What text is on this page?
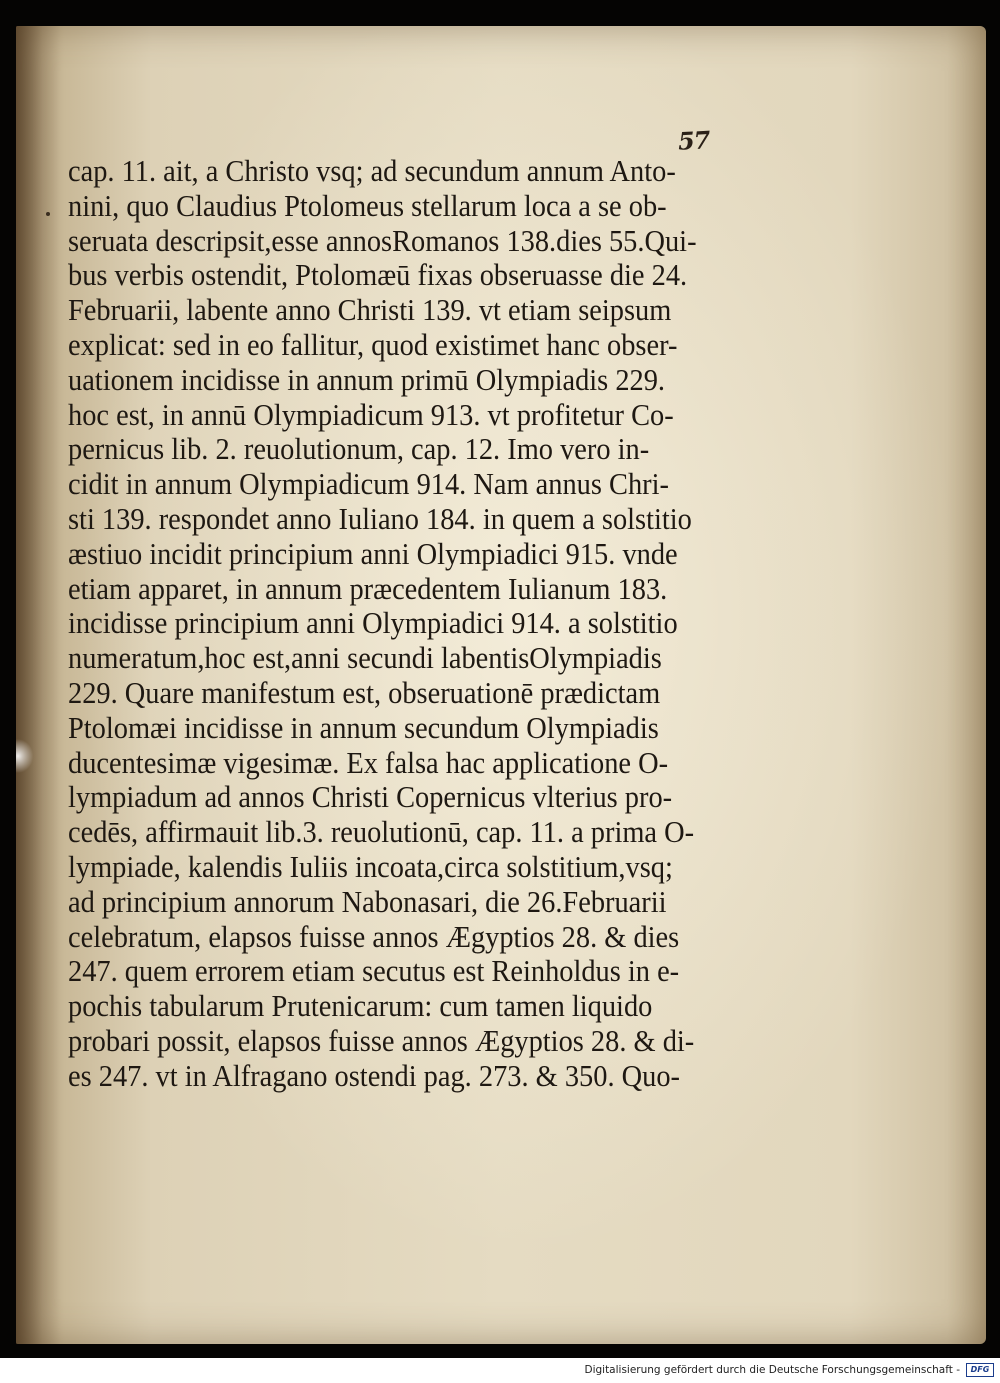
57
cap. 11. ait, a Christo vsq; ad secundum annum Anto-
nini, quo Claudius Ptolomeus stellarum loca a se ob-
seruata descripsit,esse annosRomanos 138.dies 55.Qui-
bus verbis ostendit, Ptolomæū fixas obseruasse die 24.
Februarii, labente anno Christi 139. vt etiam seipsum
explicat: sed in eo fallitur, quod existimet hanc obser-
uationem incidisse in annum primū Olympiadis 229.
hoc est, in annū Olympiadicum 913. vt profitetur Co-
pernicus lib. 2. reuolutionum, cap. 12. Imo vero in-
cidit in annum Olympiadicum 914. Nam annus Chri-
sti 139. respondet anno Iuliano 184. in quem a solstitio
æstiuo incidit principium anni Olympiadici 915. vnde
etiam apparet, in annum præcedentem Iulianum 183.
incidisse principium anni Olympiadici 914. a solstitio
numeratum,hoc est,anni secundi labentisOlympiadis
229. Quare manifestum est, obseruationē prædictam
Ptolomæi incidisse in annum secundum Olympiadis
ducentesimæ vigesimæ. Ex falsa hac applicatione O-
lympiadum ad annos Christi Copernicus vlterius pro-
cedēs, affirmauit lib.3. reuolutionū, cap. 11. a prima O-
lympiade, kalendis Iuliis incoata,circa solstitium,vsq;
ad principium annorum Nabonasari, die 26.Februarii
celebratum, elapsos fuisse annos Ægyptios 28. & dies
247. quem errorem etiam secutus est Reinholdus in e-
pochis tabularum Prutenicarum: cum tamen liquido
probari possit, elapsos fuisse annos Ægyptios 28. & di-
es 247. vt in Alfragano ostendi pag. 273. & 350. Quo-
Digitalisierung gefördert durch die Deutsche Forschungsgemeinschaft -	DFG
